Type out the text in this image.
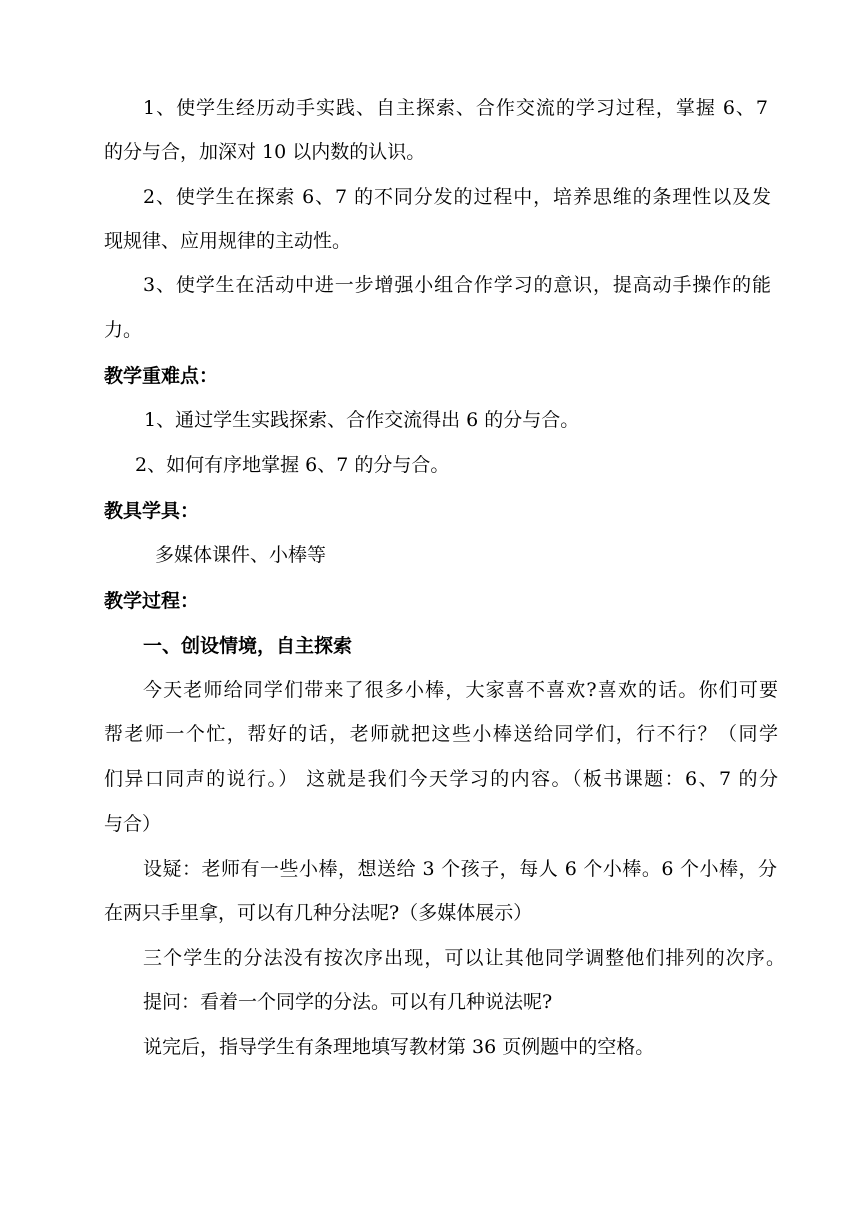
1、使学生经历动手实践、自主探索、合作交流的学习过程，掌握 6、7
的分与合，加深对 10 以内数的认识。
2、使学生在探索 6、7 的不同分发的过程中，培养思维的条理性以及发
现规律、应用规律的主动性。
3、使学生在活动中进一步增强小组合作学习的意识，提高动手操作的能
力。
教学重难点：
1、通过学生实践探索、合作交流得出 6 的分与合。
2、如何有序地掌握 6、7 的分与合。
教具学具：
多媒体课件、小棒等
教学过程：
一、创设情境，自主探索
今天老师给同学们带来了很多小棒，大家喜不喜欢?喜欢的话。你们可要
帮老师一个忙，帮好的话，老师就把这些小棒送给同学们，行不行？（同学
们异口同声的说行。） 这就是我们今天学习的内容。（板书课题：6、7 的分
与合）
设疑：老师有一些小棒，想送给 3 个孩子，每人 6 个小棒。6 个小棒，分
在两只手里拿，可以有几种分法呢?（多媒体展示）
三个学生的分法没有按次序出现，可以让其他同学调整他们排列的次序。
提问：看着一个同学的分法。可以有几种说法呢?
说完后，指导学生有条理地填写教材第 36 页例题中的空格。
